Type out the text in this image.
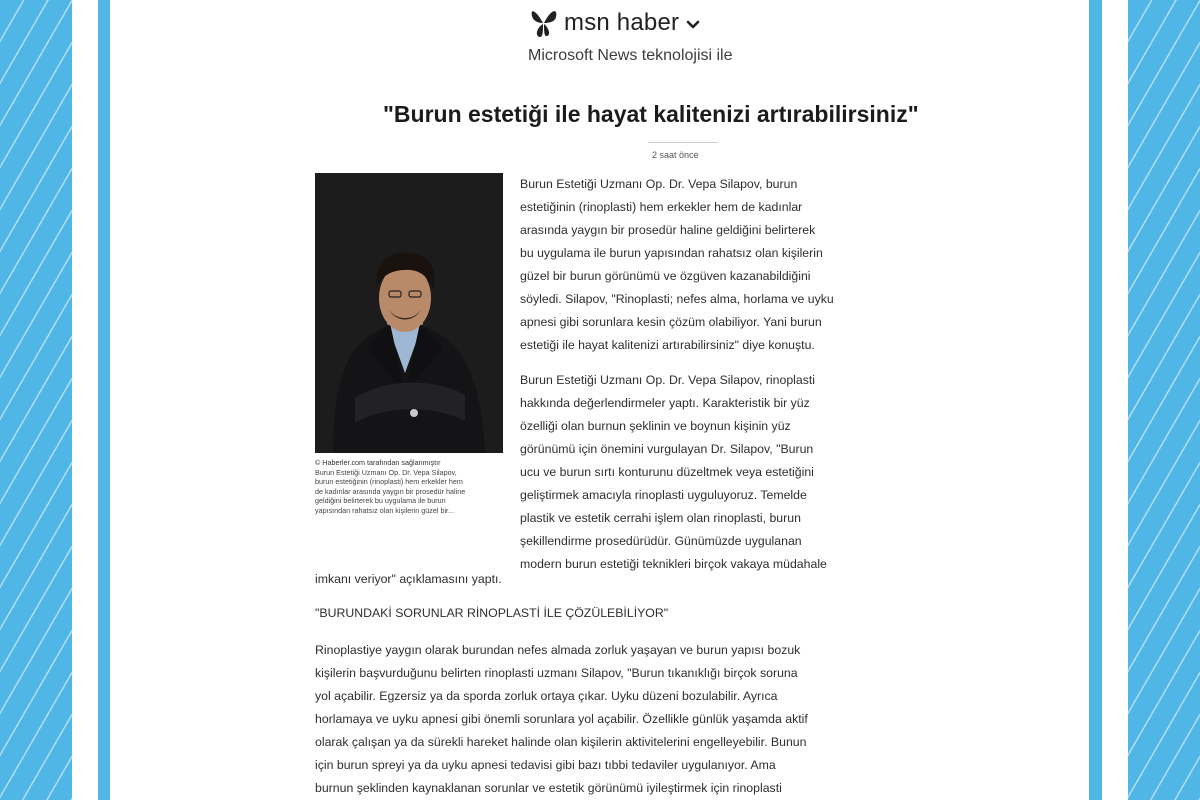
msn haber
Microsoft News teknolojisi ile
"Burun estetiği ile hayat kalitenizi artırabilirsiniz"
2 saat önce
© Haberler.com tarafından sağlanmıştır
Burun Estetiği Uzmanı Op. Dr. Vepa Silapov,
burun estetiğinin (rinoplasti) hem erkekler hem
de kadınlar arasında yaygın bir prosedür haline
geldiğini belirterek bu uygulama ile burun
yapısından rahatsız olan kişilerin güzel bir...
Burun Estetiği Uzmanı Op. Dr. Vepa Silapov, burun
estetiğinin (rinoplasti) hem erkekler hem de kadınlar
arasında yaygın bir prosedür haline geldiğini belirterek
bu uygulama ile burun yapısından rahatsız olan kişilerin
güzel bir burun görünümü ve özgüven kazanabildiğini
söyledi. Silapov, "Rinoplasti; nefes alma, horlama ve uyku
apnesi gibi sorunlara kesin çözüm olabiliyor. Yani burun
estetiği ile hayat kalitenizi artırabilirsiniz" diye konuştu.
Burun Estetiği Uzmanı Op. Dr. Vepa Silapov, rinoplasti
hakkında değerlendirmeler yaptı. Karakteristik bir yüz
özelliği olan burnun şeklinin ve boynun kişinin yüz
görünümü için önemini vurgulayan Dr. Silapov, "Burun
ucu ve burun sırtı konturunu düzeltmek veya estetiğini
geliştirmek amacıyla rinoplasti uyguluyoruz. Temelde
plastik ve estetik cerrahi işlem olan rinoplasti, burun
şekillendirme prosedürüdür. Günümüzde uygulanan
modern burun estetiği teknikleri birçok vakaya müdahale
imkanı veriyor" açıklamasını yaptı.
"BURUNDAKİ SORUNLAR RİNOPLASTİ İLE ÇÖZÜLEBİLİYOR"
Rinoplastiye yaygın olarak burundan nefes almada zorluk yaşayan ve burun yapısı bozuk
kişilerin başvurduğunu belirten rinoplasti uzmanı Silapov, "Burun tıkanıklığı birçok soruna
yol açabilir. Egzersiz ya da sporda zorluk ortaya çıkar. Uyku düzeni bozulabilir. Ayrıca
horlamaya ve uyku apnesi gibi önemli sorunlara yol açabilir. Özellikle günlük yaşamda aktif
olarak çalışan ya da sürekli hareket halinde olan kişilerin aktivitelerini engelleyebilir. Bunun
için burun spreyi ya da uyku apnesi tedavisi gibi bazı tıbbi tedaviler uygulanıyor. Ama
burnun şeklinden kaynaklanan sorunlar ve estetik görünümü iyileştirmek için rinoplasti
